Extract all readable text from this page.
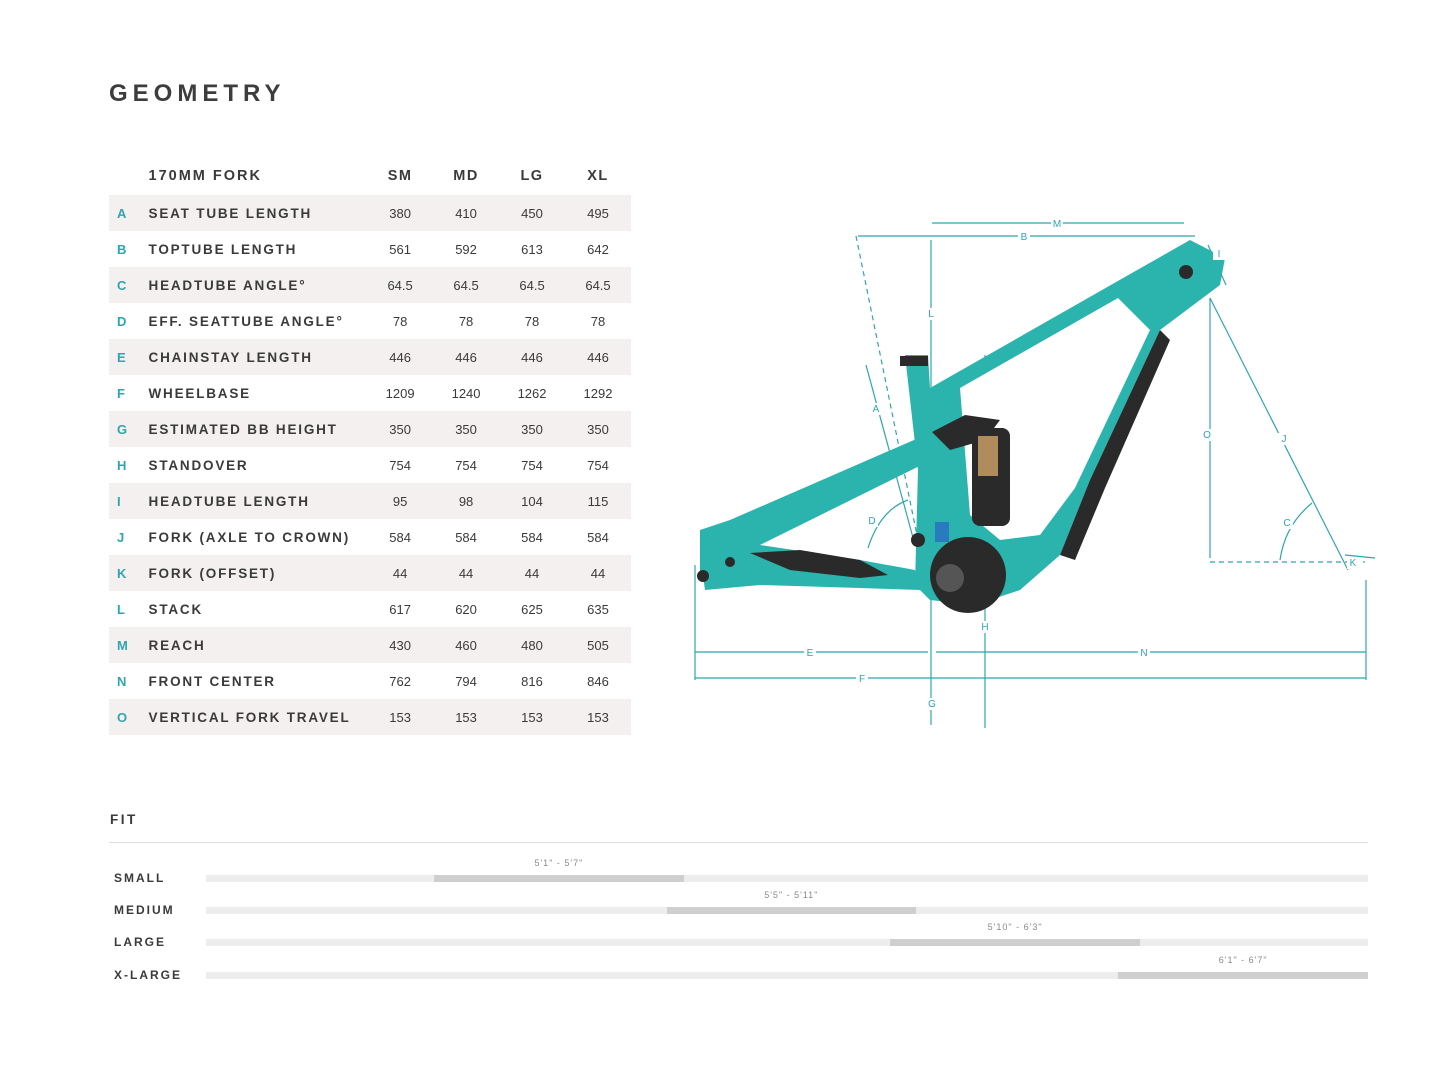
GEOMETRY
170MM FORK	SM	MD	LG	XL
A	SEAT TUBE LENGTH	380	410	450	495
B	TOPTUBE LENGTH	561	592	613	642
C	HEADTUBE ANGLE°	64.5	64.5	64.5	64.5
D	EFF. SEATTUBE ANGLE°	78	78	78	78
E	CHAINSTAY LENGTH	446	446	446	446
F	WHEELBASE	1209	1240	1262	1292
G	ESTIMATED BB HEIGHT	350	350	350	350
H	STANDOVER	754	754	754	754
I	HEADTUBE LENGTH	95	98	104	115
J	FORK (AXLE TO CROWN)	584	584	584	584
K	FORK (OFFSET)	44	44	44	44
L	STACK	617	620	625	635
M	REACH	430	460	480	505
N	FRONT CENTER	762	794	816	846
O	VERTICAL FORK TRAVEL	153	153	153	153
M
B
I
L
A
D
O	J
C
K
E	N
F
H
G
FIT
SMALL
5'1" - 5'7"
MEDIUM
5'5" - 5'11"
LARGE
5'10" - 6'3"
X-LARGE
6'1" - 6'7"
